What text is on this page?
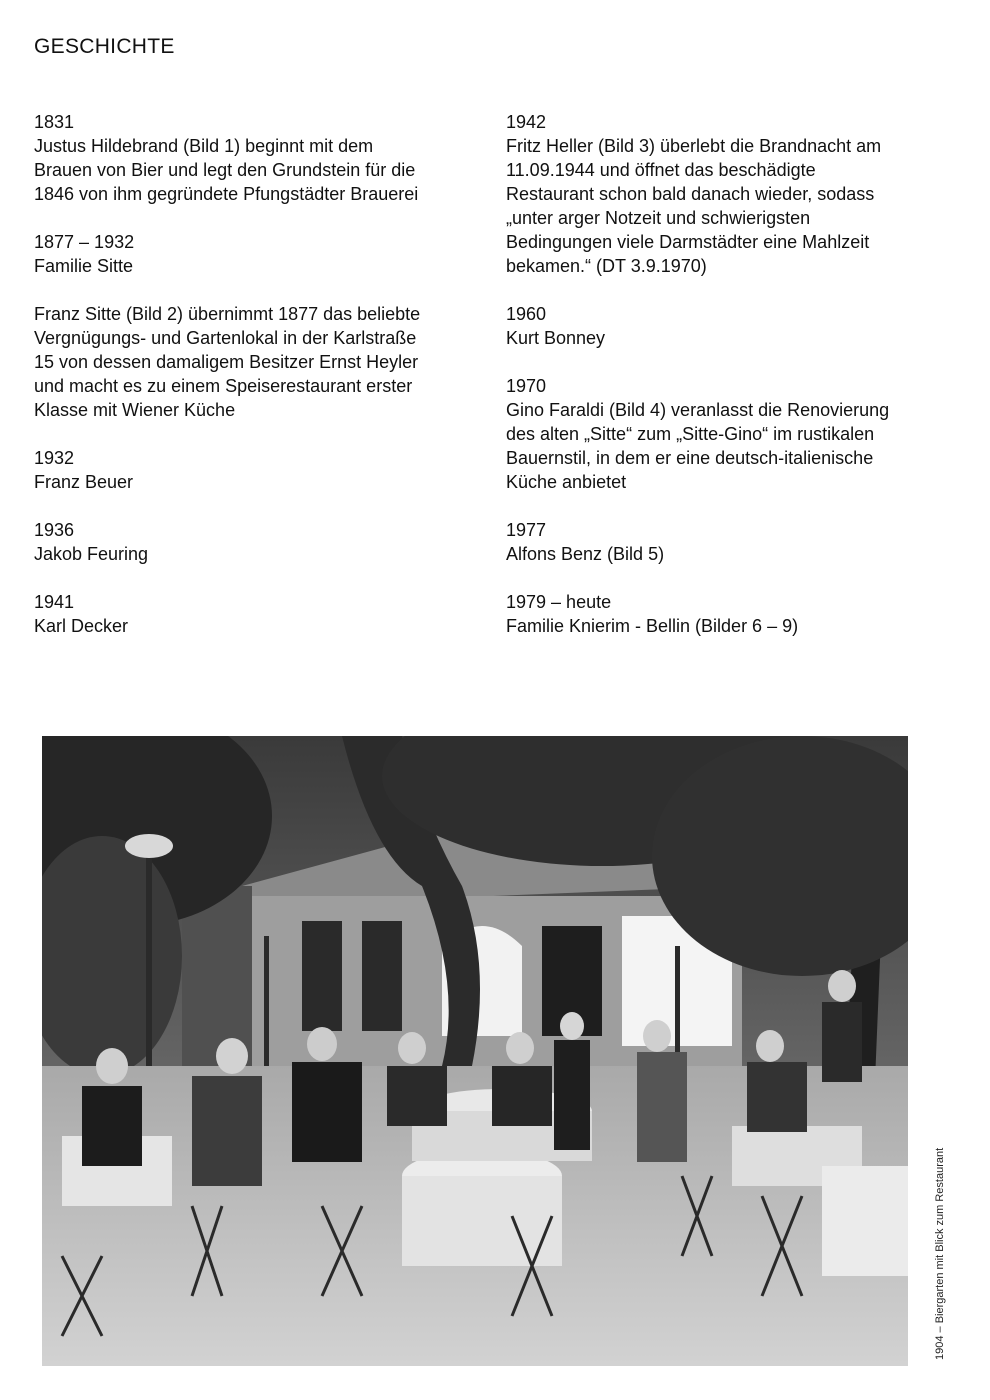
GESCHICHTE
1831
Justus Hildebrand (Bild 1) beginnt mit dem
Brauen von Bier und legt den Grundstein für die
1846 von ihm gegründete Pfungstädter Brauerei
1877 – 1932
Familie Sitte
Franz Sitte (Bild 2) übernimmt 1877 das beliebte
Vergnügungs- und Gartenlokal in der Karlstraße
15 von dessen damaligem Besitzer Ernst Heyler
und macht es zu einem Speiserestaurant erster
Klasse mit Wiener Küche
1932
Franz Beuer
1936
Jakob Feuring
1941
Karl Decker
1942
Fritz Heller (Bild 3) überlebt die Brandnacht am
11.09.1944 und öffnet das beschädigte
Restaurant schon bald danach wieder, sodass
„unter arger Notzeit und schwierigsten
Bedingungen viele Darmstädter eine Mahlzeit
bekamen.“ (DT 3.9.1970)
1960
Kurt Bonney
1970
Gino Faraldi (Bild 4) veranlasst die Renovierung
des alten „Sitte“ zum „Sitte-Gino“ im rustikalen
Bauernstil, in dem er eine deutsch-italienische
Küche anbietet
1977
Alfons Benz (Bild 5)
1979 – heute
Familie Knierim - Bellin (Bilder 6 – 9)
1904 – Biergarten mit Blick zum Restaurant
